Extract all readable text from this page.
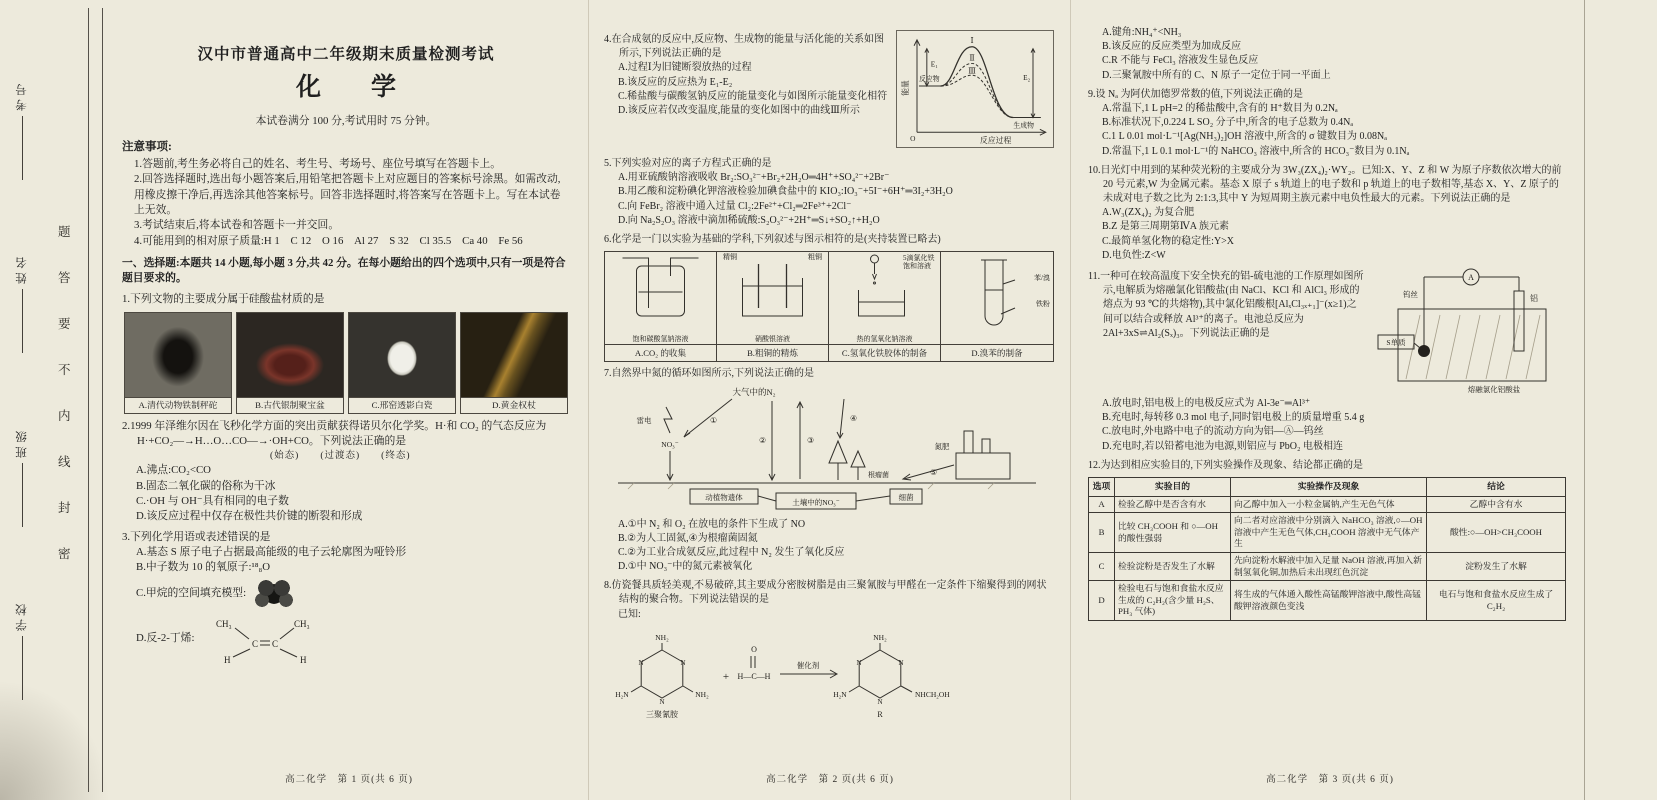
考号
姓名
班级
学校
题
答
要
不
内
线
封
密
汉中市普通高中二年级期末质量检测考试
化　　学

本试卷满分 100 分,考试用时 75 分钟。

注意事项:

1.答题前,考生务必将自己的姓名、考生号、考场号、座位号填写在答题卡上。

2.回答选择题时,选出每小题答案后,用铅笔把答题卡上对应题目的答案标号涂黑。如需改动,用橡皮擦干净后,再选涂其他答案标号。回答非选择题时,将答案写在答题卡上。写在本试卷上无效。

3.考试结束后,将本试卷和答题卡一并交回。

4.可能用到的相对原子质量:H 1　C 12　O 16　Al 27　S 32　Cl 35.5　Ca 40　Fe 56

一、选择题:本题共 14 小题,每小题 3 分,共 42 分。在每小题给出的四个选项中,只有一项是符合题目要求的。

1.下列文物的主要成分属于硅酸盐材质的是

A.清代动物铁制秤砣	B.古代银制聚宝盆	C.邢窑透影白瓷	D.黄金权杖

2.1999 年泽维尔因在飞秒化学方面的突出贡献获得诺贝尔化学奖。H·和 CO₂ 的气态反应为 H·+CO₂—→H…O…CO—→·OH+CO。下列说法正确的是

(始态)　　(过渡态)　　(终态)

A.沸点:CO₂<CO

B.固态二氧化碳的俗称为干冰

C.·OH 与 OH⁻具有相同的电子数

D.该反应过程中仅存在极性共价键的断裂和形成

3.下列化学用语或表述错误的是

A.基态 S 原子电子占据最高能级的电子云轮廓图为哑铃形

B.中子数为 10 的氧原子:¹⁸₈O

C.甲烷的空间填充模型:
D.反-2-丁烯:
CH₃	CH₃
H	H
C C
高二化学　第 1 页(共 6 页)
E₁
E₂
Ⅰ
Ⅱ
Ⅲ
反应物
生成物
能量
反应过程
O

4.在合成氨的反应中,反应物、生成物的能量与活化能的关系如图所示,下列说法正确的是

A.过程Ⅰ为旧键断裂放热的过程

B.该反应的反应热为 E₁-E₂

C.稀盐酸与碳酸氢钠反应的能量变化与如图所示能量变化相符

D.该反应若仅改变温度,能量的变化如图中的曲线Ⅲ所示

5.下列实验对应的离子方程式正确的是

A.用亚硫酸钠溶液吸收 Br₂:SO₃²⁻+Br₂+2H₂O═4H⁺+SO₄²⁻+2Br⁻

B.用乙酸和淀粉碘化钾溶液检验加碘食盐中的 KIO₃:IO₃⁻+5I⁻+6H⁺═3I₂+3H₂O

C.向 FeBr₂ 溶液中通入过量 Cl₂:2Fe²⁺+Cl₂═2Fe³⁺+2Cl⁻

D.向 Na₂S₂O₃ 溶液中滴加稀硫酸:S₂O₃²⁻+2H⁺═S↓+SO₂↑+H₂O

6.化学是一门以实验为基础的学科,下列叙述与图示相符的是(夹持装置已略去)

饱和碳酸氢钠溶液
精铜	粗铜
硝酸银溶液
5滴氯化铁饱和溶液
热的氢氧化钠溶液
苯/溴
铁粉
A.CO₂ 的收集	B.粗铜的精炼	C.氢氧化铁胶体的制备	D.溴苯的制备

7.自然界中氮的循环如图所示,下列说法正确的是

大气中的N₂
雷电	①
NO₃⁻	②	③
④
根瘤菌
氮肥
⑤
动植物遗体
土壤中的NO₃⁻
细菌

A.①中 N₂ 和 O₂ 在放电的条件下生成了 NO

B.②为人工固氮,④为根瘤菌固氮

C.②为工业合成氨反应,此过程中 N₂ 发生了氧化反应

D.①中 NO₃⁻中的氮元素被氧化

8.仿瓷餐具质轻美观,不易破碎,其主要成分密胺树脂是由三聚氰胺与甲醛在一定条件下缩聚得到的网状结构的聚合物。下列说法错误的是

已知:

N	N
N
NH₂
H₂N	NH₂
三聚氰胺
+
O
H—C—H
催化剂	N	N
N
NH₂
H₂N	NHCH₂OH
R
高二化学　第 2 页(共 6 页)

A.键角:NH₄⁺<NH₃

B.该反应的反应类型为加成反应

C.R 不能与 FeCl₃ 溶液发生显色反应

D.三聚氰胺中所有的 C、N 原子一定位于同一平面上

9.设 Nₐ 为阿伏加德罗常数的值,下列说法正确的是

A.常温下,1 L pH=2 的稀盐酸中,含有的 H⁺数目为 0.2Nₐ

B.标准状况下,0.224 L SO₂ 分子中,所含的电子总数为 0.4Nₐ

C.1 L 0.01 mol·L⁻¹[Ag(NH₃)₂]OH 溶液中,所含的 σ 键数目为 0.08Nₐ

D.常温下,1 L 0.1 mol·L⁻¹的 NaHCO₃ 溶液中,所含的 HCO₃⁻数目为 0.1Nₐ

10.日光灯中用到的某种荧光粉的主要成分为 3W₃(ZX₄)₂·WY₂。已知:X、Y、Z 和 W 为原子序数依次增大的前 20 号元素,W 为金属元素。基态 X 原子 s 轨道上的电子数和 p 轨道上的电子数相等,基态 X、Y、Z 原子的未成对电子数之比为 2:1:3,其中 Y 为短周期主族元素中电负性最大的元素。下列说法正确的是

A.W₃(ZX₄)₂ 为复合肥

B.Z 是第三周期第ⅣA 族元素

C.最简单氢化物的稳定性:Y>X

D.电负性:Z<W

A
钨丝	铝
S单质
熔融氯化铝酸盐

11.一种可在较高温度下安全快充的铝-硫电池的工作原理如图所示,电解质为熔融氯化铝酸盐(由 NaCl、KCl 和 AlCl₃ 形成的熔点为 93 ℃的共熔物),其中氯化铝酸根[AlₓCl₃ₓ₊₁]⁻(x≥1)之间可以结合或释放 Al³⁺的离子。电池总反应为 2Al+3xS⇌Al₂(Sₓ)₃。下列说法正确的是

A.放电时,铝电极上的电极反应式为 Al-3e⁻═Al³⁺

B.充电时,每转移 0.3 mol 电子,同时铝电极上的质量增重 5.4 g

C.放电时,外电路中电子的流动方向为铝―Ⓐ―钨丝

D.充电时,若以铅蓄电池为电源,则铝应与 PbO₂ 电极相连

12.为达到相应实验目的,下列实验操作及现象、结论都正确的是

选项	实验目的	实验操作及现象	结论
A	检验乙醇中是否含有水	向乙醇中加入一小粒金属钠,产生无色气体	乙醇中含有水
B	比较 CH₃COOH 和 ○—OH 的酸性强弱	向二者对应溶液中分别滴入 NaHCO₃ 溶液,○—OH 溶液中产生无色气体,CH₃COOH 溶液中无气体产生	酸性:○—OH>CH₃COOH
C	检验淀粉是否发生了水解	先向淀粉水解液中加入足量 NaOH 溶液,再加入新制氢氧化铜,加热后未出现红色沉淀	淀粉发生了水解
D	检验电石与饱和食盐水反应生成的 C₂H₂(含少量 H₂S、PH₃ 气体)	将生成的气体通入酸性高锰酸钾溶液中,酸性高锰酸钾溶液颜色变浅	电石与饱和食盐水反应生成了 C₂H₂
高二化学　第 3 页(共 6 页)
